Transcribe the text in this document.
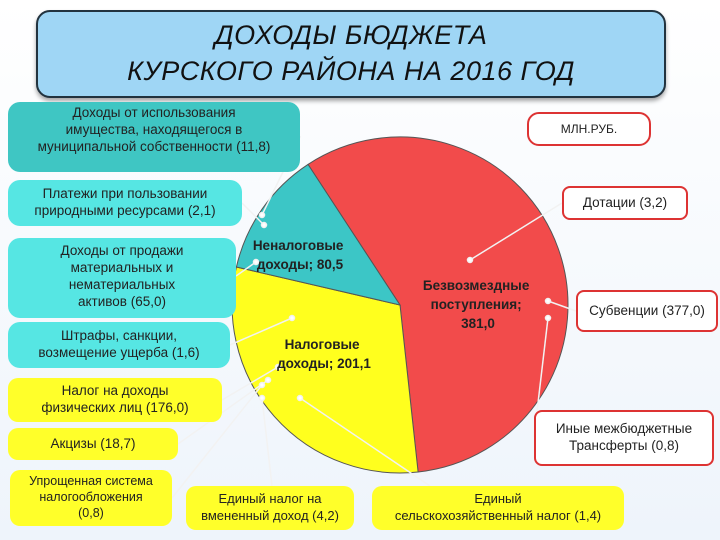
ДОХОДЫ БЮДЖЕТА
КУРСКОГО РАЙОНА НА 2016 ГОД
Безвозмездные поступления; 381,0
Налоговые доходы; 201,1
Неналоговые доходы; 80,5
МЛН.РУБ.
Доходы от использования
имущества, находящегося в
муниципальной собственности (11,8)
Платежи при пользовании
природными ресурсами (2,1)
Доходы от продажи
материальных и
нематериальных
активов (65,0)
Штрафы, санкции,
возмещение ущерба (1,6)
Налог на доходы
физических лиц (176,0)
Акцизы (18,7)
Упрощенная система
налогообложения
(0,8)
Единый налог на
вмененный доход (4,2)
Единый
сельскохозяйственный налог (1,4)
Дотации (3,2)
Субвенции (377,0)
Иные межбюджетные
Трансферты (0,8)
